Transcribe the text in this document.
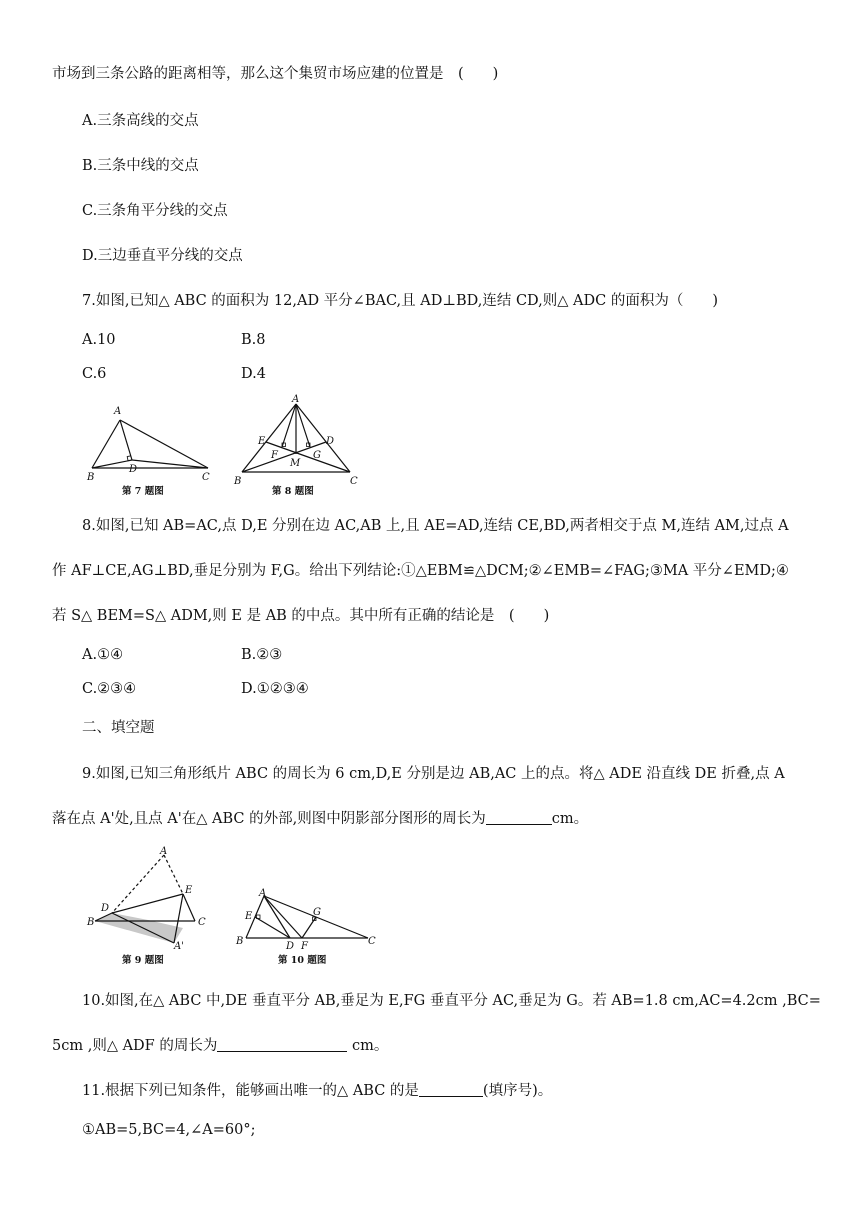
市场到三条公路的距离相等，那么这个集贸市场应建的位置是　(　　)
A.三条高线的交点
B.三条中线的交点
C.三条角平分线的交点
D.三边垂直平分线的交点
7.如图,已知△ ABC 的面积为 12,AD 平分∠BAC,且 AD⊥BD,连结 CD,则△ ADC 的面积为（　　)
A.10	B.8
C.6	D.4
A
B	C
D
第 7 题图
A
B	C
D
E
F	G
M
第 8 题图
8.如图,已知 AB=AC,点 D,E 分别在边 AC,AB 上,且 AE=AD,连结 CE,BD,两者相交于点 M,连结 AM,过点 A
作 AF⊥CE,AG⊥BD,垂足分别为 F,G。给出下列结论:①△EBM≌△DCM;②∠EMB=∠FAG;③MA 平分∠EMD;④
若 S△ BEM=S△ ADM,则 E 是 AB 的中点。其中所有正确的结论是　(　　)
A.①④	B.②③
C.②③④	D.①②③④
二、填空题
9.如图,已知三角形纸片 ABC 的周长为 6 cm,D,E 分别是边 AB,AC 上的点。将△ ADE 沿直线 DE 折叠,点 A
落在点 A'处,且点 A'在△ ABC 的外部,则图中阴影部分图形的周长为	cm。
A
B	C
D
E
A'
第 9 题图
A
B	C
D
E
F
G
第 10 题图
10.如图,在△ ABC 中,DE 垂直平分 AB,垂足为 E,FG 垂直平分 AC,垂足为 G。若 AB=1.8 cm,AC=4.2cm ,BC=
5cm ,则△ ADF 的周长为	cm。
11.根据下列已知条件，能够画出唯一的△ ABC 的是	(填序号)。
①AB=5,BC=4,∠A=60°;
